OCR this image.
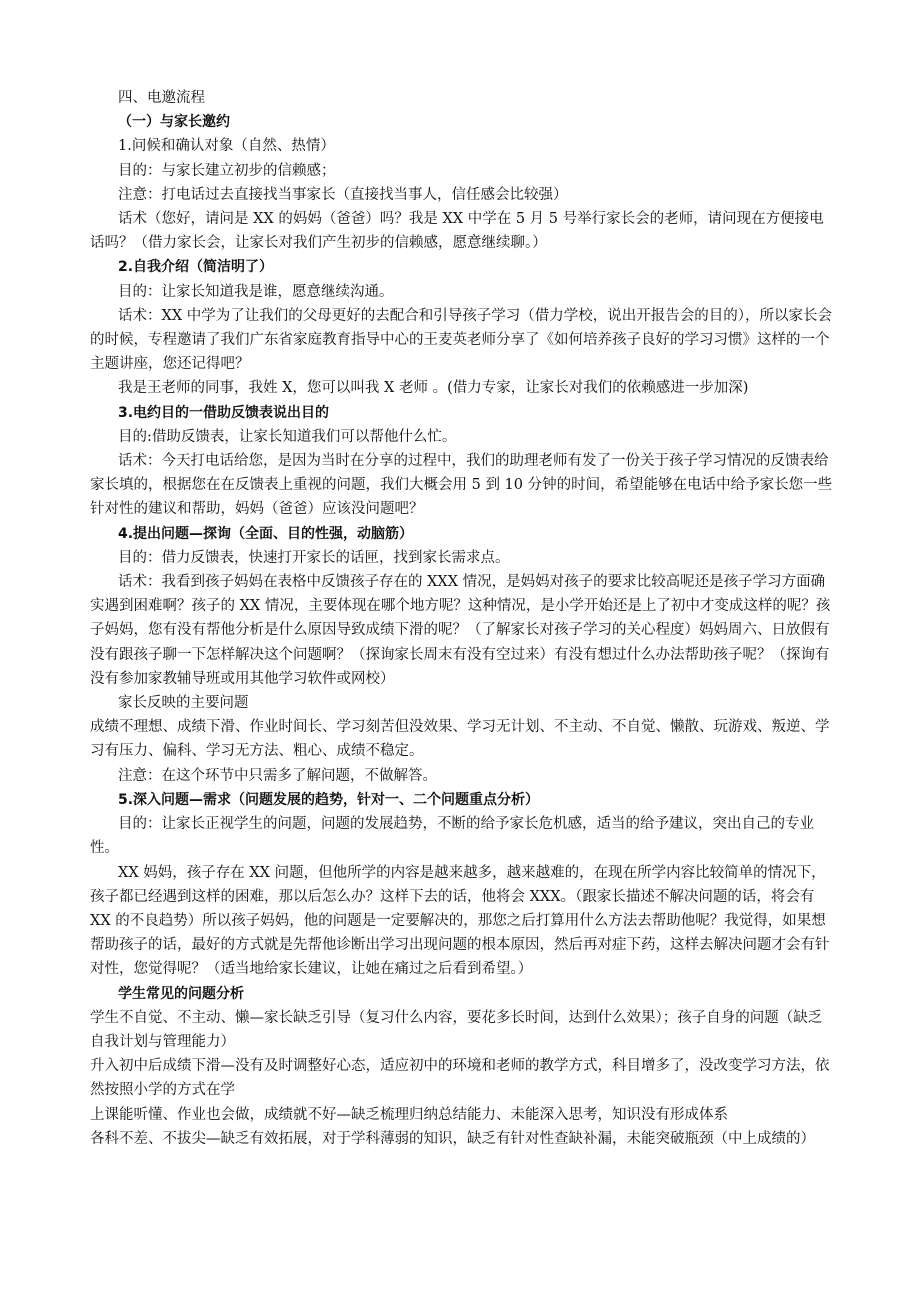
四、电邀流程

（一）与家长邀约

1.问候和确认对象（自然、热情）

目的：与家长建立初步的信赖感；

注意：打电话过去直接找当事家长（直接找当事人，信任感会比较强）

话术（您好，请问是 XX 的妈妈（爸爸）吗？我是 XX 中学在 5 月 5 号举行家长会的老师，请问现在方便接电话吗？（借力家长会，让家长对我们产生初步的信赖感，愿意继续聊。）

2.自我介绍（简洁明了）

目的：让家长知道我是谁，愿意继续沟通。

话术：XX 中学为了让我们的父母更好的去配合和引导孩子学习（借力学校，说出开报告会的目的），所以家长会的时候，专程邀请了我们广东省家庭教育指导中心的王麦英老师分享了《如何培养孩子良好的学习习惯》这样的一个主题讲座，您还记得吧？

我是王老师的同事，我姓 X，您可以叫我 X 老师 。(借力专家，让家长对我们的依赖感进一步加深)

3.电约目的一借助反馈表说出目的

目的:借助反馈表，让家长知道我们可以帮他什么忙。

话术：今天打电话给您，是因为当时在分享的过程中，我们的助理老师有发了一份关于孩子学习情况的反馈表给家长填的，根据您在在反馈表上重视的问题，我们大概会用 5 到 10 分钟的时间，希望能够在电话中给予家长您一些针对性的建议和帮助，妈妈（爸爸）应该没问题吧？

4.提出问题—探询（全面、目的性强，动脑筋）

目的：借力反馈表，快速打开家长的话匣，找到家长需求点。

话术：我看到孩子妈妈在表格中反馈孩子存在的 XXX 情况，是妈妈对孩子的要求比较高呢还是孩子学习方面确实遇到困难啊？孩子的 XX 情况，主要体现在哪个地方呢？这种情况，是小学开始还是上了初中才变成这样的呢？孩子妈妈，您有没有帮他分析是什么原因导致成绩下滑的呢？（了解家长对孩子学习的关心程度）妈妈周六、日放假有没有跟孩子聊一下怎样解决这个问题啊？（探询家长周末有没有空过来）有没有想过什么办法帮助孩子呢？（探询有没有参加家教辅导班或用其他学习软件或网校）

家长反映的主要问题

成绩不理想、成绩下滑、作业时间长、学习刻苦但没效果、学习无计划、不主动、不自觉、懒散、玩游戏、叛逆、学习有压力、偏科、学习无方法、粗心、成绩不稳定。

注意：在这个环节中只需多了解问题，不做解答。

5.深入问题—需求（问题发展的趋势，针对一、二个问题重点分析）

目的：让家长正视学生的问题，问题的发展趋势，不断的给予家长危机感，适当的给予建议，突出自己的专业性。

XX 妈妈，孩子存在 XX 问题，但他所学的内容是越来越多，越来越难的，在现在所学内容比较简单的情况下，孩子都已经遇到这样的困难，那以后怎么办？这样下去的话，他将会 XXX。（跟家长描述不解决问题的话，将会有 XX 的不良趋势）所以孩子妈妈，他的问题是一定要解决的，那您之后打算用什么方法去帮助他呢？我觉得，如果想帮助孩子的话，最好的方式就是先帮他诊断出学习出现问题的根本原因，然后再对症下药，这样去解决问题才会有针对性，您觉得呢？（适当地给家长建议，让她在痛过之后看到希望。）

学生常见的问题分析

学生不自觉、不主动、懒—家长缺乏引导（复习什么内容，要花多长时间，达到什么效果）；孩子自身的问题（缺乏自我计划与管理能力）

升入初中后成绩下滑—没有及时调整好心态，适应初中的环境和老师的教学方式，科目增多了，没改变学习方法，依然按照小学的方式在学

上课能听懂、作业也会做，成绩就不好—缺乏梳理归纳总结能力、未能深入思考，知识没有形成体系

各科不差、不拔尖—缺乏有效拓展，对于学科薄弱的知识，缺乏有针对性查缺补漏，未能突破瓶颈（中上成绩的）
